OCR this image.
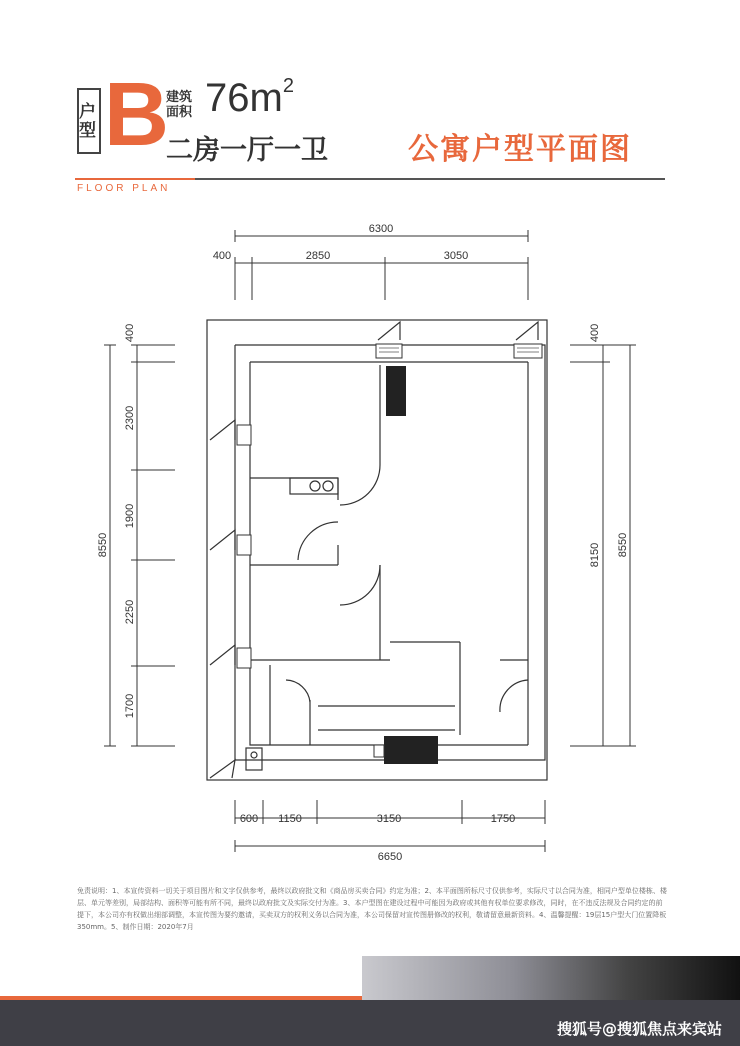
户型 B
建筑面积 $76m^2$
二房一厅一卫	公寓户型平面图
FLOOR PLAN
6300
400	2850	3050
8550
400
2300
1900
2250
1700
400
8150 8550
600 1150	3150	1750
6650
免责说明：1、本宣传资料一切关于项目图片和文字仅供参考，最终以政府批文和《商品房买卖合同》约定为准；2、本平面图所标尺寸仅供参考，实际尺寸以合同为准，相同户型单位楼栋、楼层、单元等差别，局部结构、面积等可能有所不同，最终以政府批文及实际交付为准。3、本户型图在建设过程中可能因为政府或其他有权单位要求修改，同时，在不违反法规及合同约定的前提下，本公司亦有权做出细部调整，本宣传图为要约邀请，买卖双方的权利义务以合同为准，本公司保留对宣传图册修改的权利，敬请留意最新资料。4、温馨提醒：19层15户型大门位置降板350mm。5、制作日期：2020年7月
搜狐号@搜狐焦点来宾站
